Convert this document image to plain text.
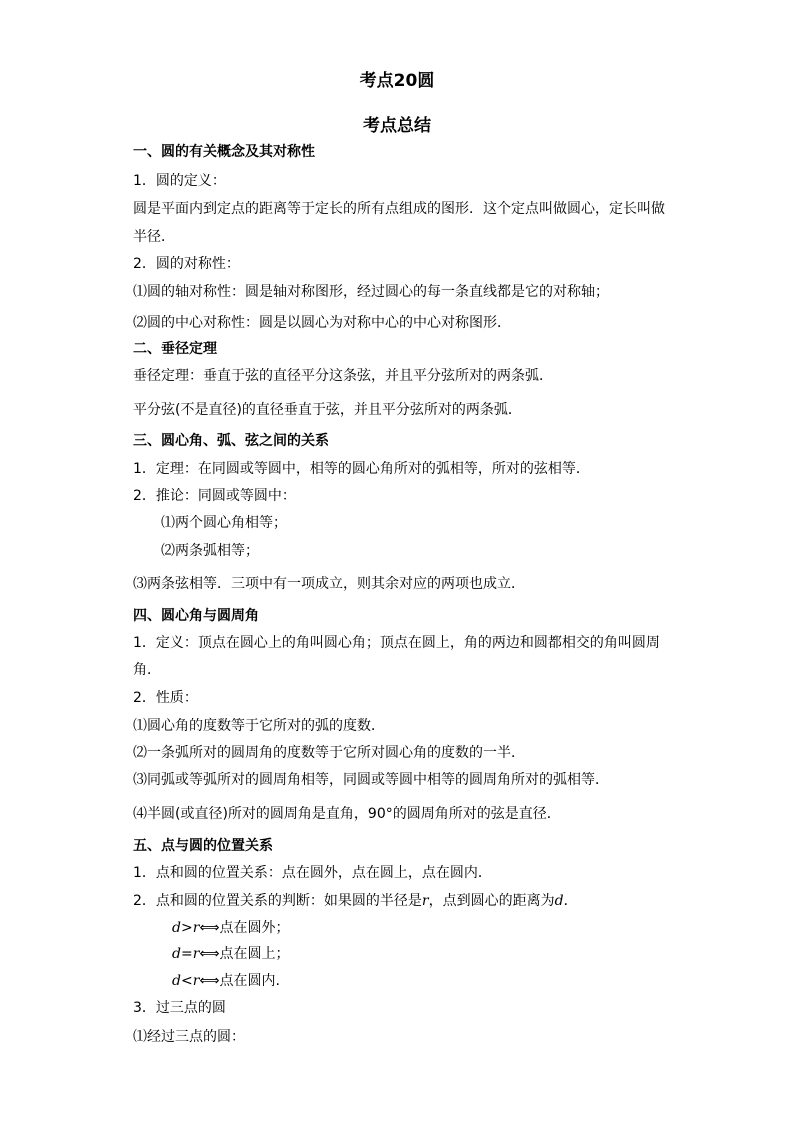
考点20圆
考点总结
一、圆的有关概念及其对称性
1．圆的定义：
圆是平面内到定点的距离等于定长的所有点组成的图形．这个定点叫做圆心，定长叫做
半径．
2．圆的对称性：
⑴圆的轴对称性：圆是轴对称图形，经过圆心的每一条直线都是它的对称轴；
⑵圆的中心对称性：圆是以圆心为对称中心的中心对称图形．
二、垂径定理
垂径定理：垂直于弦的直径平分这条弦，并且平分弦所对的两条弧．
平分弦(不是直径)的直径垂直于弦，并且平分弦所对的两条弧．
三、圆心角、弧、弦之间的关系
1．定理：在同圆或等圆中，相等的圆心角所对的弧相等，所对的弦相等．
2．推论：同圆或等圆中：
⑴两个圆心角相等；
⑵两条弧相等；
⑶两条弦相等．三项中有一项成立，则其余对应的两项也成立．
四、圆心角与圆周角
1．定义：顶点在圆心上的角叫圆心角；顶点在圆上，角的两边和圆都相交的角叫圆周
角．
2．性质：
⑴圆心角的度数等于它所对的弧的度数．
⑵一条弧所对的圆周角的度数等于它所对圆心角的度数的一半．
⑶同弧或等弧所对的圆周角相等，同圆或等圆中相等的圆周角所对的弧相等．
⑷半圆(或直径)所对的圆周角是直角，90°的圆周角所对的弦是直径．
五、点与圆的位置关系
1．点和圆的位置关系：点在圆外，点在圆上，点在圆内．
2．点和圆的位置关系的判断：如果圆的半径是r，点到圆心的距离为d．
d>r⟺点在圆外；
d=r⟺点在圆上；
d<r⟺点在圆内.
3．过三点的圆
⑴经过三点的圆：
